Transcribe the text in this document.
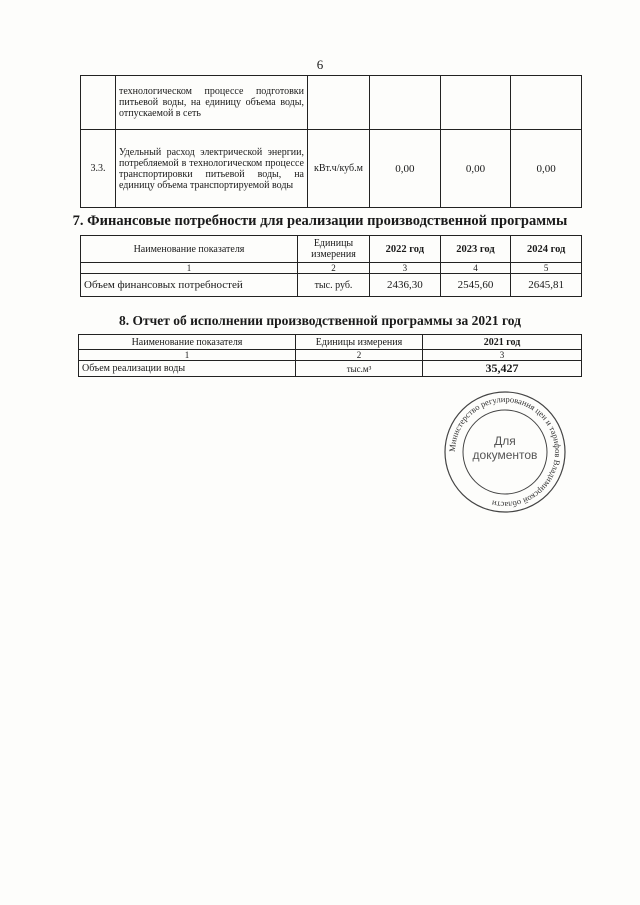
6
	технологическом процессе подготовки питьевой воды, на единицу объема воды, отпускаемой в сеть				
3.3.	Удельный расход электрической энергии, потребляемой в технологическом процессе транспортировки питьевой воды, на единицу объема транспортируемой воды	кВт.ч/куб.м	0,00	0,00	0,00
7. Финансовые потребности для реализации производственной программы
Наименование показателя	Единицы измерения	2022 год	2023 год	2024 год
1	2	3	4	5
Объем финансовых потребностей	тыс. руб.	2436,30	2545,60	2645,81
8. Отчет об исполнении производственной программы за 2021 год
Наименование показателя	Единицы измерения	2021 год
1	2	3
Объем реализации воды	тыс.м³	35,427
Министерство регулирования цен и тарифов Владимирской области
Для
документов
